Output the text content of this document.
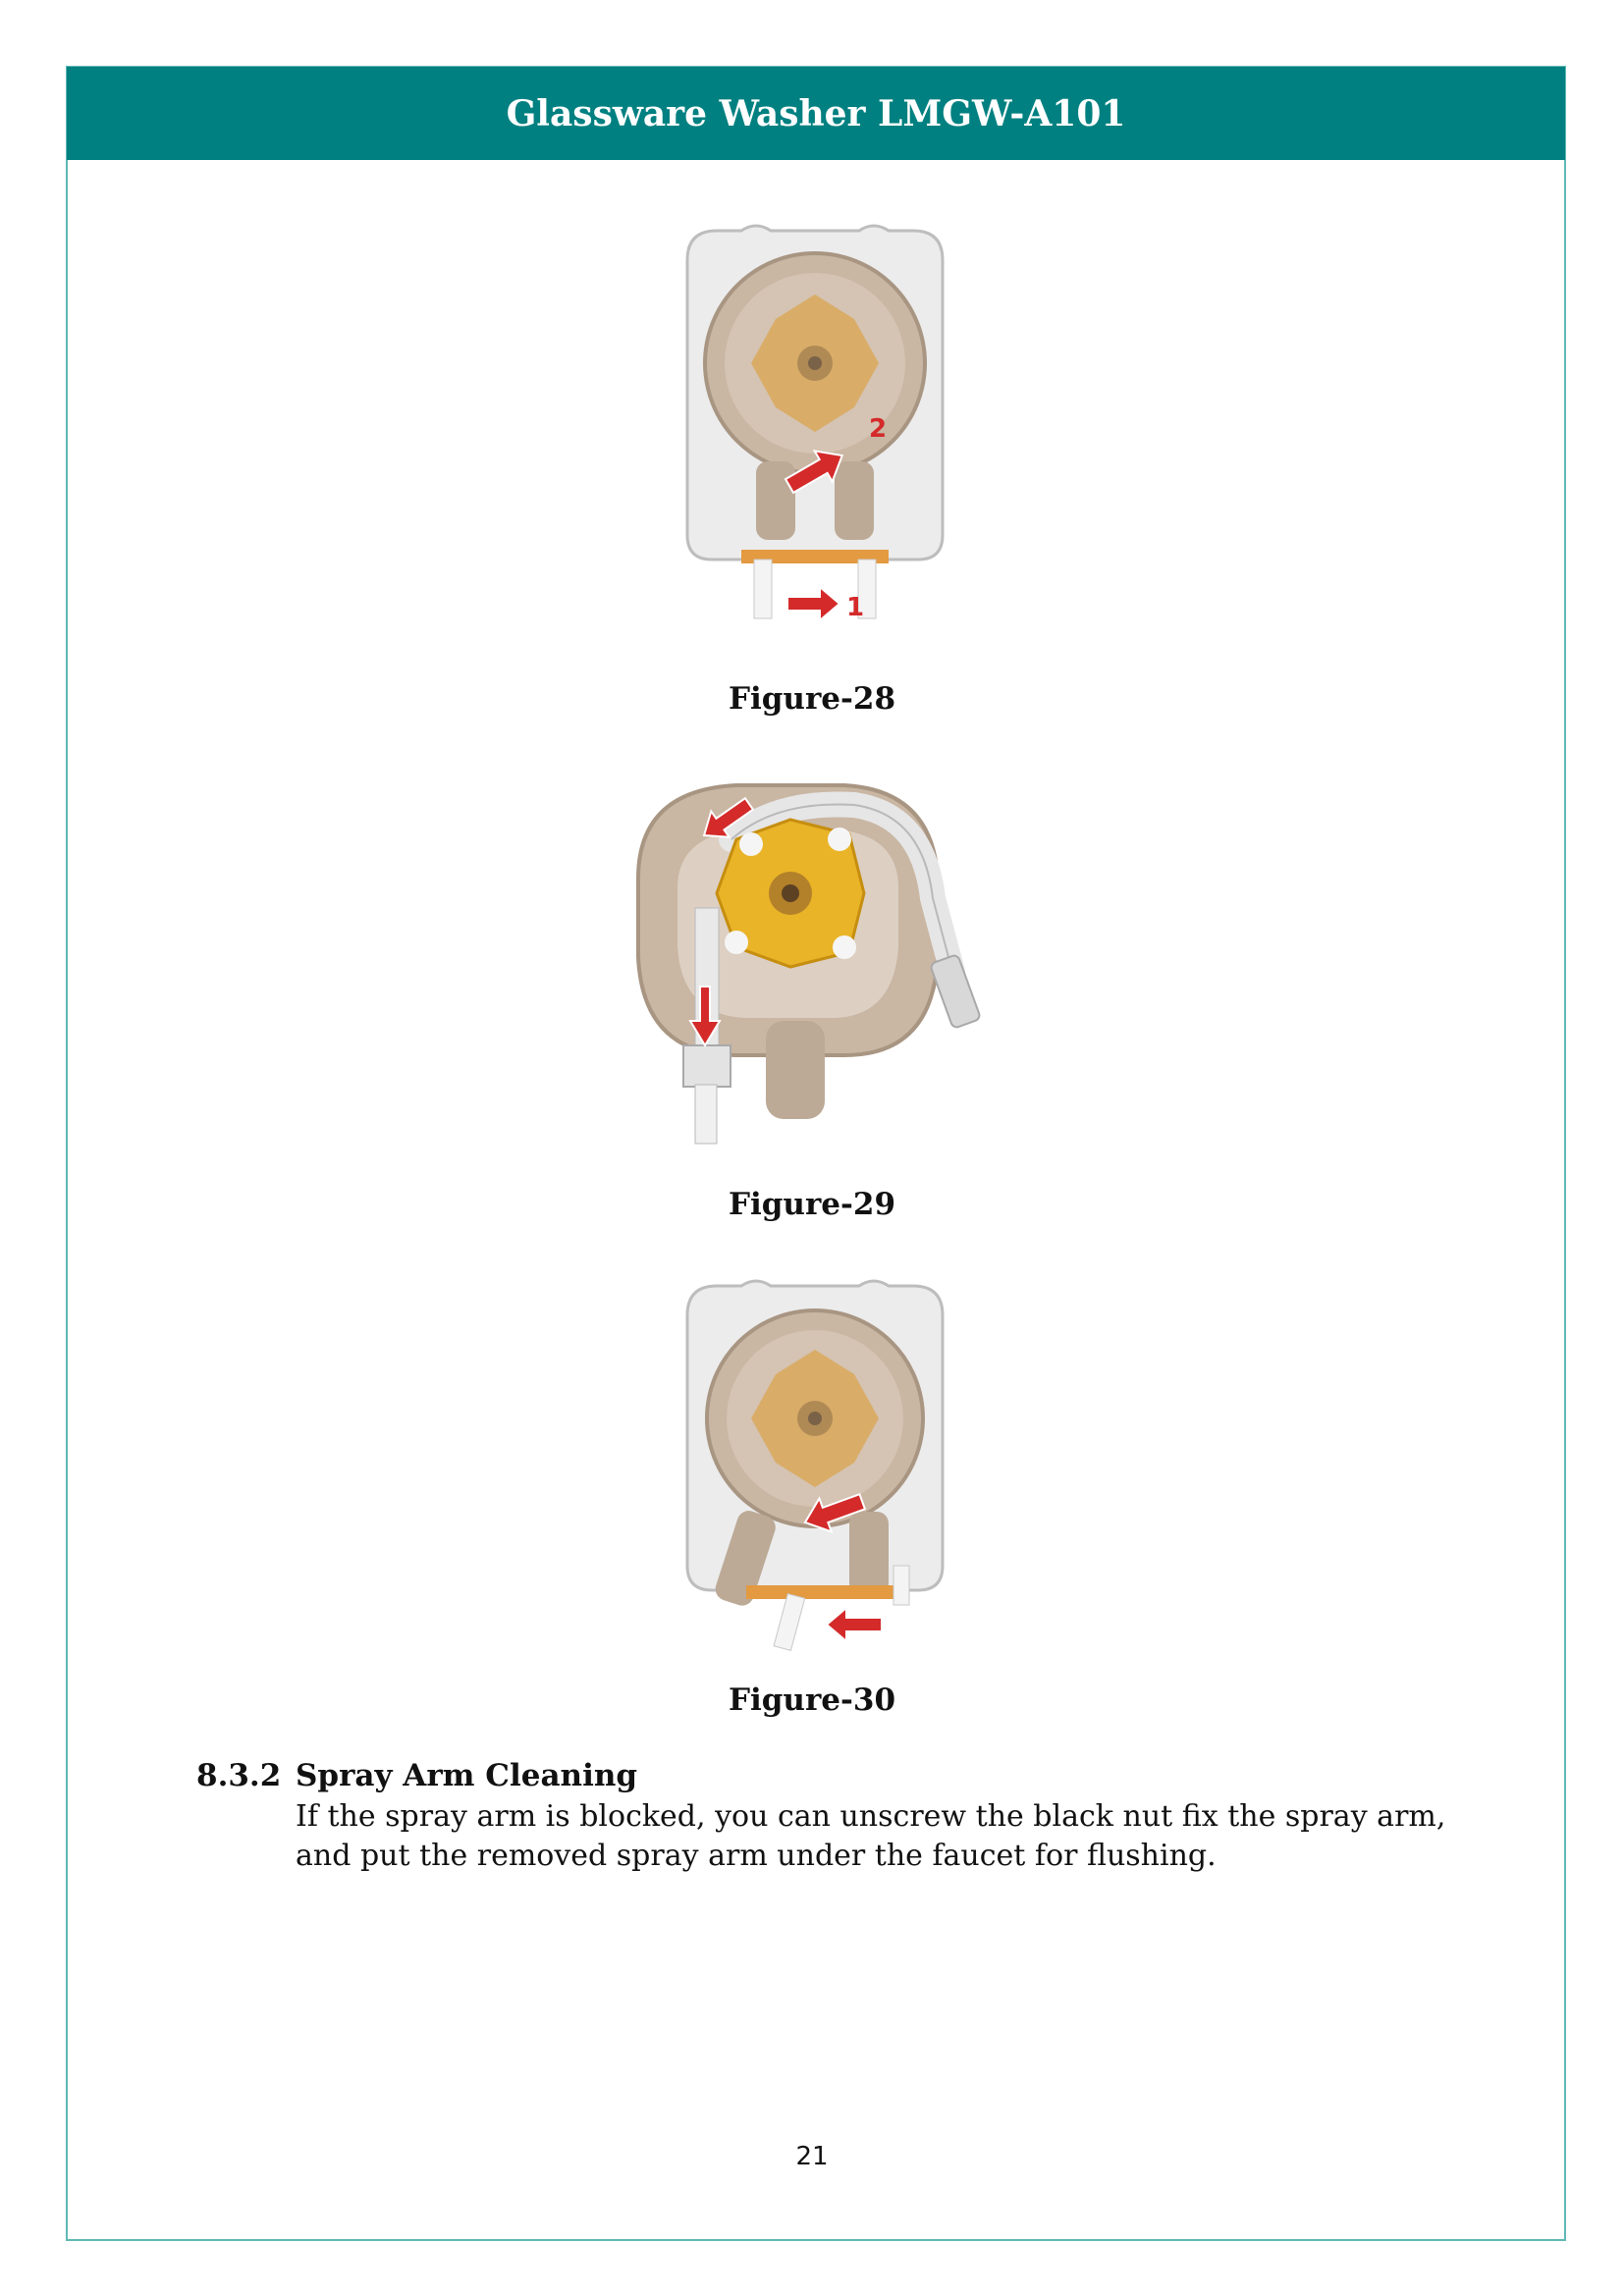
Glassware Washer LMGW-A101
2
1
Figure-28
Figure-29
Figure-30
8.3.2 Spray Arm Cleaning
If the spray arm is blocked, you can unscrew the black nut fix the spray arm, and put the removed spray arm under the faucet for flushing.
21
